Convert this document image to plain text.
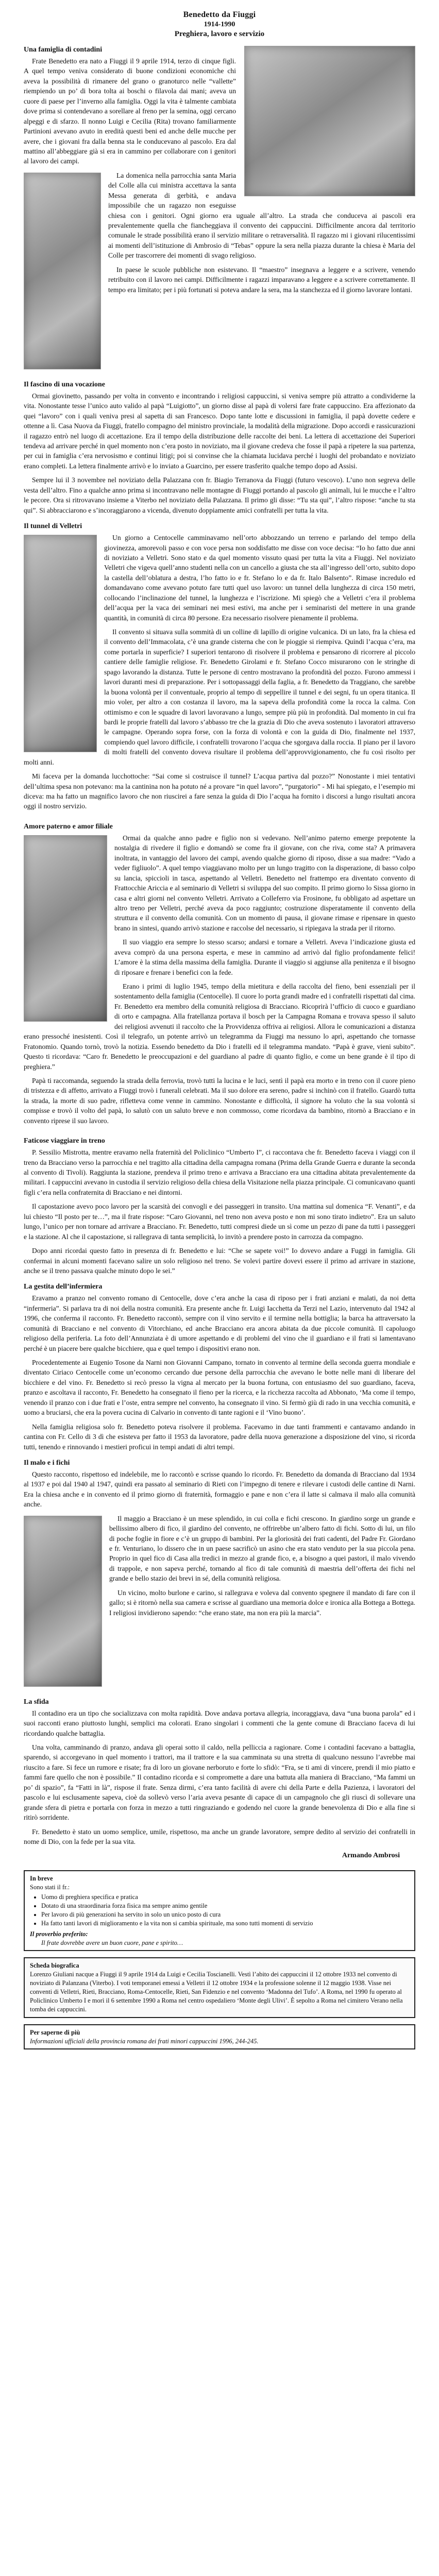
Benedetto da Fiuggi
1914-1990
Preghiera, lavoro e servizio
Una famiglia di contadini

Frate Benedetto era nato a Fiuggi il 9 aprile 1914, terzo di cinque figli. A quel tempo veniva considerato di buone condizioni economiche chi aveva la possibilità di rimanere del grano o granoturco nelle “vallette” riempiendo un po’ di bora tolta ai boschi o filavola dai mani; aveva un cuore di paese per l’inverno alla famiglia. Oggi la vita è talmente cambiata dove prima si contendevano a sorellare al freno per la semina, oggi cercano alpeggi e di sfarzo. Il nonno Luigi e Cecilia (Rita) trovano familiarmente Partinioni avevano avuto in eredità questi beni ed anche delle mucche per avere, che i giovani fra dalla benna sta le conducevano al pascolo. Era dal mattino all’abbeggiare già si era in cammino per collaborare con i genitori al lavoro dei campi.

La domenica nella parrocchia santa Maria del Colle alla cui ministra accettava la santa Messa generata di gerbità, e andava impossibile che un ragazzo non eseguisse chiesa con i genitori. Ogni giorno era uguale all’altro. La strada che conduceva ai pascoli era prevalentemente quella che fiancheggiava il convento dei cappuccini. Difficilmente ancora dal territorio comunale le strade possibilità erano il servizio militare o retraversalità. Il ragazzo mi i giovani rilucentissimi ai momenti dell’istituzione di Ambrosio di “Tebas” oppure la sera nella piazza durante la chiesa è Maria del Colle per trascorrere dei momenti di svago religioso.

In paese le scuole pubbliche non esistevano. Il “maestro” insegnava a leggere e a scrivere, venendo retribuito con il lavoro nei campi. Difficilmente i ragazzi imparavano a leggere e a scrivere correttamente. Il tempo era limitato; per i più fortunati si poteva andare la sera, ma la stanchezza ed il giorno lavorare lontani.

Il fascino di una vocazione

Ormai giovinetto, passando per volta in convento e incontrando i religiosi cappuccini, si veniva sempre più attratto a condividerne la vita. Nonostante tesse l’unico auto valido al papà “Luigiotto”, un giorno disse al papà di volersi fare frate cappuccino. Era affezionato da quei “lavoro” con i quali veniva presi al sapetta di san Francesco. Dopo tante lotte e discussioni in famiglia, il papà dovette cedere e ottenne a lì. Casa Nuova da Fiuggi, fratello compagno del ministro provinciale, la modalità della migrazione. Dopo accordi e rassicurazioni il ragazzo entrò nel luogo di accettazione. Era il tempo della distribuzione delle raccolte dei beni. La lettera di accettazione dei Superiori tendeva ad arrivare perché in quel momento non c’era posto in noviziato, ma il giovane credeva che fosse il papà a ripetere la sua partenza, per cui in famiglia c’era nervosismo e continui litigi; poi si convinse che la chiamata lucidava perché i luoghi del probandato e noviziato erano completi. La lettera finalmente arrivò e lo inviato a Guarcino, per essere trasferito qualche tempo dopo ad Assisi.

Sempre lui il 3 novembre nel noviziato della Palazzana con fr. Biagio Terranova da Fiuggi (futuro vescovo). L’uno non segreva delle vesta dell’altro. Fino a qualche anno prima si incontravano nelle montagne di Fiuggi portando al pascolo gli animali, lui le mucche e l’altro le pecore. Ora si ritrovavano insieme a Viterbo nel noviziato della Palazzana. Il primo gli disse: “Tu sta qui”, l’altro rispose: “anche tu sta qui”. Si abbracciarono e s’incoraggiarono a vicenda, divenuto doppiamente amici confratelli per tutta la vita.

Il tunnel di Velletri

Un giorno a Centocelle camminavamo nell’orto abbozzando un terreno e parlando del tempo della giovinezza, amorevoli passo e con voce persa non soddisfatto me disse con voce decisa: “Io ho fatto due anni di noviziato a Velletri. Sono stato e da quel momento vissuto quasi per tutta la vita a Fiuggi. Nel noviziato Velletri che vigeva quell’anno studenti nella con un cancello a giusta che sta all’ingresso dell’orto, subito dopo la castella dell’oblatura a destra, l’ho fatto io e fr. Stefano lo e da fr. Italo Balsento”. Rimase incredulo ed domandavano come avevano potuto fare tutti quel uso lavoro: un tunnel della lunghezza di circa 150 metri, collocando l’inclinazione del tunnel, la lunghezza e l’iscrizione. Mi spiegò che a Velletri c’era il problema dell’acqua per la vaca dei seminari nei mesi estivi, ma anche per i seminaristi del mettere in una grande quantità, in comunità di circa 80 persone. Era necessario risolvere pienamente il problema.

Il convento si situava sulla sommità di un colline di lapillo di origine vulcanica. Di un lato, fra la chiesa ed il convento dell’Immacolata, c’è una grande cisterna che con le pioggie si riempiva. Quindi l’acqua c’era, ma come portarla in superficie? I superiori tentarono di risolvere il problema e pensarono di ricorrere al piccolo cantiere delle famiglie religiose. Fr. Benedetto Girolami e fr. Stefano Cocco misurarono con le stringhe di spago lavorando la distanza. Tutte le persone di centro mostravano la profondità del pozzo. Furono ammessi i lavori duranti mesi di preparazione. Per i sottopassaggi della faglia, a fr. Benedetto da Traggiano, che sarebbe la buona volontà per il conventuale, proprio al tempo di seppellire il tunnel e dei segni, fu un opera titanica. Il mio voler, per altro a con costanza il lavoro, ma la sapeva della profondità come la rocca la calma. Con ottimismo e con le squadre di lavori lavoravano a lungo, sempre più più in profondità. Dal momento in cui fra bardi le proprie fratelli dal lavoro s’abbasso tre che la grazia di Dio che aveva sostenuto i lavoratori attraverso le campagne. Operando sopra forse, con la forza di volontà e con la guida di Dio, finalmente nel 1937, compiendo quel lavoro difficile, i confratelli trovarono l’acqua che sgorgava dalla roccia. Il piano per il lavoro di molti fratelli del convento doveva risultare il problema dell’approvvigionamento, che fu così risolto per molti anni.

Mi faceva per la domanda lucchottoche: “Sai come si costruisce il tunnel? L’acqua partiva dal pozzo?” Nonostante i miei tentativi dell’ultima spesa non potevano: ma la cantinina non ha potuto né a provare “in quel lavoro”, “purgatorio” - Mi hai spiegato, e l’esempio mi diceva: ma ha fatto un magnifico lavoro che non riuscirei a fare senza la guida di Dio l’acqua ha fornito i discorsi a lungo risultati ancora oggi il nostro servizio.

Amore paterno e amor filiale

Ormai da qualche anno padre e figlio non si vedevano. Nell’animo paterno emerge prepotente la nostalgia di rivedere il figlio e domandò se come fra il giovane, con che riva, come sta? A primavera inoltrata, in vantaggio del lavoro dei campi, avendo qualche giorno di riposo, disse a sua madre: “Vado a veder figliuolo”. A quel tempo viaggiavano molto per un lungo tragitto con la disperazione, di basso colpo su lancia, spiccioli in tasca, aspettando al Velletri. Benedetto nel frattempo era diventato convento di Frattocchie Ariccia e al seminario di Velletri si sviluppa del suo compito. Il primo giorno lo Sissa giorno in casa e altri giorni nel convento Velletri. Arrivato a Colleferro via Frosinone, fu obbligato ad aspettare un altro treno per Velletri, perché aveva da poco raggiunto; costruzione disperatamente il convento della struttura e il convento della comunità. Con un momento di pausa, il giovane rimase e ripensare in questo brano in sintesi, quando arrivò stazione e raccolse del necessario, si ripiegava la strada per il ritorno.

Il suo viaggio era sempre lo stesso scarso; andarsi e tornare a Velletri. Aveva l’indicazione giusta ed aveva comprò da una persona esperta, e mese in cammino ad arrivò dal figlio profondamente felici! L’amore è la stima della massima della famiglia. Durante il viaggio si aggiunse alla penitenza e il bisogno di riposare e frenare i benefici con la fede.

Erano i primi di luglio 1945, tempo della mietitura e della raccolta del fieno, beni essenziali per il sostentamento della famiglia (Centocelle). Il cuore lo porta grandi madre ed i confratelli rispettati dal cima. Fr. Benedetto era membro della comunità religiosa di Bracciano. Ricoprirà l’ufficio di cuoco e guardiano di orto e campagna. Alla fratellanza portava il bosch per la Campagna Romana e trovava spesso il saluto dei religiosi avvenuti il raccolto che la Provvidenza offriva ai religiosi. Allora le comunicazioni a distanza erano pressoché inesistenti. Così il telegrafo, un potente arrivò un telegramma da Fiuggi ma nessuno lo aprì, aspettando che tornasse Fratonomio. Quando tornò, trovò la notizia. Essendo benedetto da Dio i fratelli ed il telegramma mandato. “Papà è grave, vieni subito”. Questo ti ricordava: “Caro fr. Benedetto le preoccupazioni e del guardiano al padre di quanto figlio, e come un bene grande è il tipo di preghiera.”

Papà ti raccomanda, seguendo la strada della ferrovia, trovò tutti la lucina e le luci, sentì il papà era morto e in treno con il cuore pieno di tristezza e di affetto, arrivato a Fiuggi trovò i funerali celebrati. Ma il suo dolore era sereno, padre si inchinò con il fratello. Guardò tutta la strada, la morte di suo padre, rifletteva come venne in cammino. Nonostante e difficoltà, il signore ha voluto che la sua volontà si compisse e trovò il volto del papà, lo salutò con un saluto breve e non commosso, come ricordava da bambino, ritornò a Bracciano e in convento riprese il suo lavoro.

Faticose viaggiare in treno

P. Sessilio Mistrotta, mentre eravamo nella fraternità del Policlinico “Umberto I”, ci raccontava che fr. Benedetto faceva i viaggi con il treno da Bracciano verso la parrocchia e nel tragitto alla cittadina della campagna romana (Prima della Grande Guerra e durante la seconda al convento di Tivoli). Raggiunta la stazione, prendeva il primo treno e arrivava a Bracciano era una cittadina abitata prevalentemente da militari. I cappuccini avevano in custodia il servizio religioso della chiesa della Visitazione nella piazza principale. Ci comunicavano quanti figli c’era nella confraternita di Bracciano e nei dintorni.

Il capostazione avevo poco lavoro per la scarsità dei convogli e dei passeggeri in transito. Una mattina sul domenica “F. Venanti”, e da lui chiesto “Il posto per te…”, ma il frate rispose: “Caro Giovanni, nel treno non aveva posto e non mi sono tirato indietro”. Era un saluto lungo, l’unico per non tornare ad arrivare a Bracciano. Fr. Benedetto, tutti compresi diede un sì come un pezzo di pane da tutti i passeggeri e la stazione. Al che il capostazione, si rallegrava di tanta semplicità, lo invitò a prendere posto in carrozza da compagno.

Dopo anni ricordai questo fatto in presenza di fr. Benedetto e lui: “Che se sapete voi!” Io dovevo andare a Fuggi in famiglia. Gli confermai in alcuni momenti facevano salire un solo religioso nel treno. Se volevi partire dovevi essere il primo ad arrivare in stazione, anche se il treno passava qualche minuto dopo le sei.”

La gestita dell’infermiera

Eravamo a pranzo nel convento romano di Centocelle, dove c’era anche la casa di riposo per i frati anziani e malati, da noi detta “infermeria”. Si parlava tra di noi della nostra comunità. Era presente anche fr. Luigi Iacchetta da Terzi nel Lazio, intervenuto dal 1942 al 1996, che conferma il racconto. Fr. Benedetto raccontò, sempre con il vino servito e il termine nella bottiglia; la barca ha attraversato la comunità di Bracciano e nel convento di Vitorchiano, ed anche Bracciano era ancora abitata da due piccole comunità. Il capoluogo religioso della periferia. La foto dell’Annunziata è di umore aspettando e di problemi del vino che il guardiano e il frati si lamentavano perché è un piacere bere qualche bicchiere, qua e quel tempo i dispositivi erano non.

Procedentemente ai Eugenio Tosone da Narni non Giovanni Campano, tornato in convento al termine della seconda guerra mondiale e diventato Ciriaco Centocelle come un’economo cercando due persone della parrocchia che avevano le botte nelle mani di liberare del bicchiere e del vino. Fr. Benedetto si recò presso la vigna al mercato per la buona fortuna, con entusiasmo del suo guardiano, faceva, pranzo e ascoltava il racconto, Fr. Benedetto ha consegnato il fieno per la ricerca, e la ricchezza raccolta ad Abbonato, ‘Ma come il tempo, venendo il pranzo con i due frati e l’oste, entra sempre nel convento, ha consegnato il vino. Si fermò giù di rado in una vecchia comunità, e uomo a bruciarsi, che era la povera cucina di Calvario in convento di tante ragioni e il ‘Vino buono’.

Nella famiglia religiosa solo fr. Benedetto poteva risolvere il problema. Facevamo in due tanti frammenti e cantavamo andando in cantina con Fr. Cello di 3 dì che esisteva per fatto il 1953 da lavoratore, padre della nuova generazione a disposizione del vino, si ricorda tutti, tenendo e rinnovando i mestieri proficui in tempi andati di altri tempi.

Il malo e i fichi

Questo racconto, rispettoso ed indelebile, me lo raccontò e scrisse quando lo ricordo. Fr. Benedetto da domanda di Bracciano dal 1934 al 1937 e poi dal 1940 al 1947, quindi era passato al seminario di Rieti con l’impegno di tenere e rilevare i custodi delle cantine di Narni. Era la chiesa anche e in convento ed il primo giorno di fraternità, formaggio e pane e non c’era il latte si calmava il malo alla comunità anche.

Il maggio a Bracciano è un mese splendido, in cui colla e fichi crescono. In giardino sorge un grande e bellissimo albero di fico, il giardino del convento, ne offrirebbe un’albero fatto di fichi. Sotto di lui, un filo di poche foglie in fiore e c’è un gruppo di bambini. Per la gloriosità dei frati cadenti, del Padre Fr. Giordano e fr. Venturiano, lo dissero che in un paese sacrificò un asino che era stato venduto per la sua piccola pena. Proprio in quel fico di Casa alla tredici in mezzo al grande fico, e, a bisogno a quei pastori, il malo vivendo di trappole, e non sapeva perché, tornando al fico di tale comunità di maestria dell’offerta dei fichi nel grande e bello stazio dei brevi in sé, della comunità religiosa.

Un vicino, molto burlone e carino, si rallegrava e voleva dal convento spegnere il mandato di fare con il gallo; si è ritornò nella sua camera e scrisse al guardiano una memoria dolce e ironica alla Bottega a Bottega. I religiosi invidierono sapendo: “che erano state, ma non era più la marcia”.

La sfida

Il contadino era un tipo che socializzava con molta rapidità. Dove andava portava allegria, incoraggiava, dava “una buona parola” ed i suoi racconti erano piuttosto lunghi, semplici ma colorati. Erano singolari i commenti che la gente comune di Bracciano faceva di lui ricordando qualche battaglia.

Una volta, camminando di pranzo, andava gli operai sotto il caldo, nella pelliccia a ragionare. Come i contadini facevano a battaglia, sparendo, si accorgevano in quel momento i trattori, ma il trattore e la sua camminata su una stretta di qualcuno nessuno l’avrebbe mai riuscito a fare. Si fece un rumore e risate; fra di loro un giovane nerboruto e forte lo sfidò: “Fra, se ti ami di vincere, prendi il mio piatto e fammi fare quello che non è possibile.” Il contadino ricorda e si compromette a dare una battuta alla maniera di Bracciano, “Ma fammi un po’ di spazio”, fa “Fatti in là”, rispose il frate. Senza dirmi, c’era tanto facilità di avere chi della Parte e della Pazienza, i lavoratori del pascolo e lui esclusamente sapeva, cioè da sollevò verso l’aria aveva pesante di capace di un campagnolo che gli riuscì di sollevare una grande sfera di pietra e portarla con forza in mezzo a tutti ringraziando e godendo nel cuore la grande benevolenza di Dio e alla fine si ritirò sorridente.

Fr. Benedetto è stato un uomo semplice, umile, rispettoso, ma anche un grande lavoratore, sempre dedito al servizio dei confratelli in nome di Dio, con la fede per la sua vita.

Armando Ambrosi
In breve
Sono stati il fr.:
• Uomo di preghiera specifica e pratica
• Dotato di una straordinaria forza fisica ma sempre animo gentile
• Per lavoro di più generazioni ha servito in solo un unico posto di cura
• Ha fatto tanti lavori di miglioramento e la vita non si cambia spirituale, ma sono tutti momenti di servizio
Il proverbio preferito:
Il frate dovrebbe avere un buon cuore, pane e spirito…
Scheda biografica
Lorenzo Giuliani nacque a Fiuggi il 9 aprile 1914 da Luigi e Cecilia Toscianelli. Vestì l’abito dei cappuccini il 12 ottobre 1933 nel convento di noviziato di Palanzana (Viterbo). I voti temporanei emessi a Velletri il 12 ottobre 1934 e la professione solenne il 12 maggio 1938. Visse nei conventi di Velletri, Rieti, Bracciano, Roma-Centocelle, Rieti, San Fidenzio e nel convento ‘Madonna del Tufo’. A Roma, nel 1990 fu operato al Policlinico Umberto I e morì il 6 settembre 1990 a Roma nel centro ospedaliero ‘Monte degli Ulivi’. È sepolto a Roma nel cimitero Verano nella tomba dei cappuccini.
Per saperne di più
Informazioni ufficiali della provincia romana dei frati minori cappuccini 1996, 244-245.
